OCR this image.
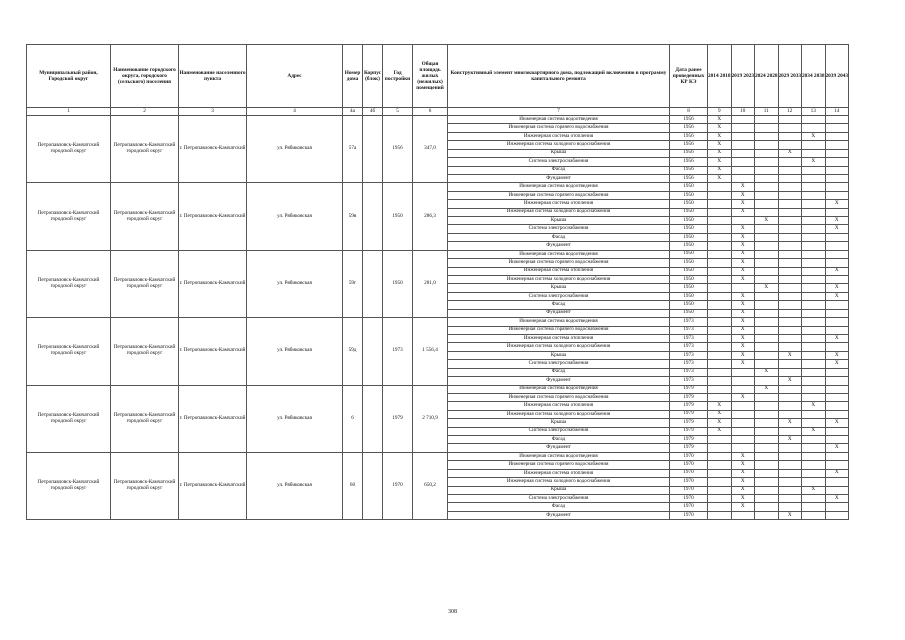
Муниципальный район, Городской округ	Наименование городского округа, городского (сельского) поселения	Наименование населенного пункта	Адрес	Номер дома	Корпус (блок)	Год постройки	Общая площадь жилых (нежилых) помещений	Конструктивный элемент многоквартирного дома, подлежащий включению в программу капитального ремонта	Дата ранее проведенных КР КЭ	2014 2018	2019 2023	2024 2028	2029 2033	2034 2038	2039 2043
1	2	3	4	4а	4б	5	6	7	8	9	10	11	12	13	14
Петропавловск-Камчатский городской округ	Петропавловск-Камчатский городской округ	г. Петропавловск-Камчатский	ул. Рябиковская	57а		1956	347,0	Инженерная система водоотведения	1956	X					
								Инженерная система горячего водоснабжения	1956	X					
								Инженерная система отопления	1956	X				X	
								Инженерная система холодного водоснабжения	1956	X					
								Крыша	1956	X			X		
								Система электроснабжения	1956	X				X	
								Фасад	1956	X					
								Фундамент	1956	X					
Петропавловск-Камчатский городской округ	Петропавловск-Камчатский городской округ	г. Петропавловск-Камчатский	ул. Рябиковская	59в		1950	286,3	Инженерная система водоотведения	1950		X				
								Инженерная система горячего водоснабжения	1950		X				
								Инженерная система отопления	1950		X				X
								Инженерная система холодного водоснабжения	1950		X				
								Крыша	1950			X			X
								Система электроснабжения	1950		X				X
								Фасад	1950		X				
								Фундамент	1950		X				
Петропавловск-Камчатский городской округ	Петропавловск-Камчатский городской округ	г. Петропавловск-Камчатский	ул. Рябиковская	59г		1950	281,0	Инженерная система водоотведения	1950		X				
								Инженерная система горячего водоснабжения	1950		X				
								Инженерная система отопления	1950		X				X
								Инженерная система холодного водоснабжения	1950		X				
								Крыша	1950			X			X
								Система электроснабжения	1950		X				X
								Фасад	1950		X				
								Фундамент	1950		X				
Петропавловск-Камчатский городской округ	Петропавловск-Камчатский городской округ	г. Петропавловск-Камчатский	ул. Рябиковская	59д		1973	1 556,4	Инженерная система водоотведения	1973		X				
								Инженерная система горячего водоснабжения	1973		X				
								Инженерная система отопления	1973		X				X
								Инженерная система холодного водоснабжения	1973		X				
								Крыша	1973		X		X		X
								Система электроснабжения	1973		X				X
								Фасад	1973			X			
								Фундамент	1973				X		
Петропавловск-Камчатский городской округ	Петропавловск-Камчатский городской округ	г. Петропавловск-Камчатский	ул. Рябиковская	6		1979	2 710,9	Инженерная система водоотведения	1979			X			
								Инженерная система горячего водоснабжения	1979		X				
								Инженерная система отопления	1979	X				X	
								Инженерная система холодного водоснабжения	1979	X					
								Крыша	1979	X			X		X
								Система электроснабжения	1979	X				X	
								Фасад	1979				X		
								Фундамент	1979						X
Петропавловск-Камчатский городской округ	Петропавловск-Камчатский городской округ	г. Петропавловск-Камчатский	ул. Рябиковская	60		1970	650,2	Инженерная система водоотведения	1970		X				
								Инженерная система горячего водоснабжения	1970		X				
								Инженерная система отопления	1970		X				X
								Инженерная система холодного водоснабжения	1970		X				
								Крыша	1970		X			X	
								Система электроснабжения	1970		X				X
								Фасад	1970		X				
								Фундамент	1970				X		
308
